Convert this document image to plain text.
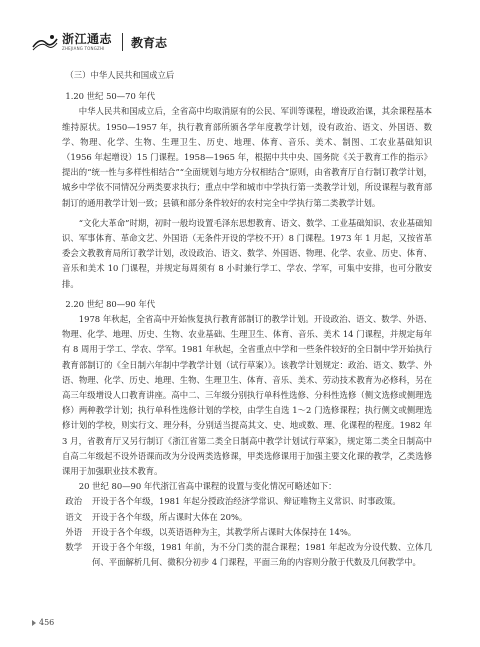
浙江通志
ZHEJIANG TONGZHI	教育志

（三）中华人民共和国成立后

1.20 世纪 50—70 年代

中华人民共和国成立后，全省高中均取消原有的公民、军训等课程，增设政治课，其余课程基本维持原状。1950—1957 年，执行教育部所颁各学年度教学计划，设有政治、语文、外国语、数学、物理、化学、生物、生理卫生、历史、地理、体育、音乐、美术、制图、工农业基础知识（1956 年起增设）15 门课程。1958—1965 年，根据中共中央、国务院《关于教育工作的指示》提出的“统一性与多样性相结合”“全面规划与地方分权相结合”原则，由省教育厅自行制订教学计划，城乡中学依不同情况分两类要求执行；重点中学和城市中学执行第一类教学计划，所设课程与教育部制订的通用教学计划一致；县镇和部分条件较好的农村完全中学执行第二类教学计划。

“文化大革命”时期，初时一般均设置毛泽东思想教育、语文、数学、工业基础知识、农业基础知识、军事体育、革命文艺、外国语（无条件开设的学校不开）8 门课程。1973 年 1 月起，又按省革委会文教教育局所订教学计划，改设政治、语文、数学、外国语、物理、化学、农业、历史、体育、音乐和美术 10 门课程，并规定每周须有 8 小时兼行学工、学农、学军，可集中安排，也可分散安排。

2.20 世纪 80—90 年代

1978 年秋起，全省高中开始恢复执行教育部制订的教学计划。开设政治、语文、数学、外语、物理、化学、地理、历史、生物、农业基础、生理卫生、体育、音乐、美术 14 门课程，并规定每年有 8 周用于学工、学农、学军。1981 年秋起，全省重点中学和一些条件较好的全日制中学开始执行教育部制订的《全日制六年制中学教学计划（试行草案）》。该教学计划规定：政治、语文、数学、外语、物理、化学、历史、地理、生物、生理卫生、体育、音乐、美术、劳动技术教育为必修科，另在高三年级增设人口教育讲座。高中二、三年级分别执行单科性选修、分科性选修（侧文选修或侧理选修）两种教学计划；执行单科性选修计划的学校，由学生自选 1～2 门选修课程；执行侧文或侧理选修计划的学校，则实行文、理分科，分别适当提高其文、史、地或数、理、化课程的程度。1982 年 3 月，省教育厅又另行制订《浙江省第二类全日制高中教学计划试行草案》，规定第二类全日制高中自高二年级起不设外语课而改为分设两类选修课，甲类选修课用于加强主要文化课的教学，乙类选修课用于加强职业技术教育。

20 世纪 80—90 年代浙江省高中课程的设置与变化情况可略述如下：

政治	开设于各个年级，1981 年起分授政治经济学常识、辩证唯物主义常识、时事政策。
语文	开设于各个年级，所占课时大体在 20%。
外语	开设于各个年级，以英语语种为主，其教学所占课时大体保持在 14%。
数学	开设于各个年级，1981 年前，为不分门类的混合课程；1981 年起改为分设代数、立体几何、平面解析几何、微积分初步 4 门课程，平面三角的内容则分散于代数及几何教学中。
456
